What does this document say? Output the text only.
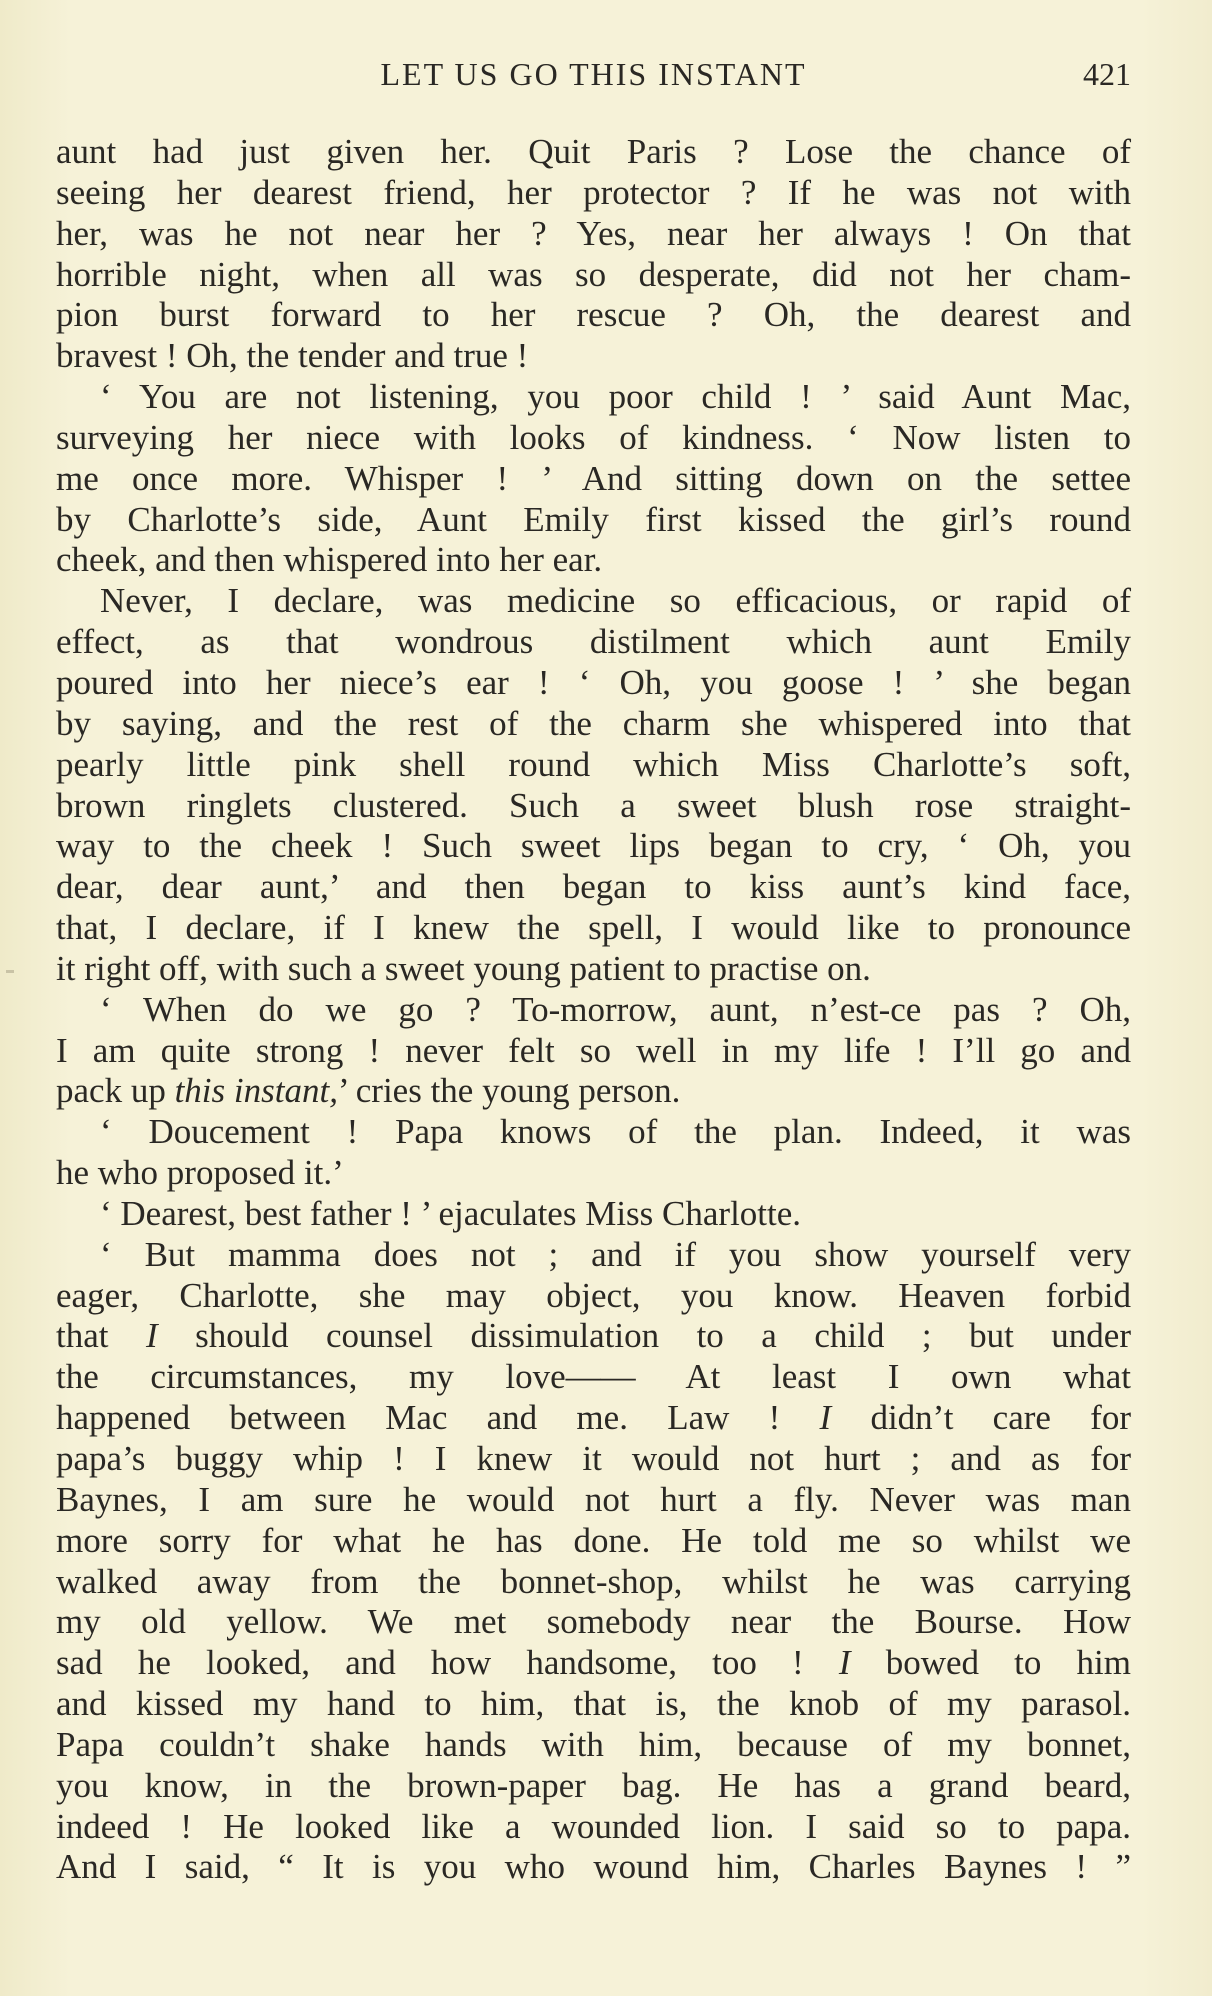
LET US GO THIS INSTANT	421
aunt had just given her. Quit Paris ? Lose the chance of
seeing her dearest friend, her protector ? If he was not with
her, was he not near her ? Yes, near her always ! On that
horrible night, when all was so desperate, did not her cham-
pion burst forward to her rescue ? Oh, the dearest and
bravest ! Oh, the tender and true !
‘ You are not listening, you poor child ! ’ said Aunt Mac,
surveying her niece with looks of kindness. ‘ Now listen to
me once more. Whisper ! ’ And sitting down on the settee
by Charlotte’s side, Aunt Emily first kissed the girl’s round
cheek, and then whispered into her ear.
Never, I declare, was medicine so efficacious, or rapid of
effect, as that wondrous distilment which aunt Emily
poured into her niece’s ear ! ‘ Oh, you goose ! ’ she began
by saying, and the rest of the charm she whispered into that
pearly little pink shell round which Miss Charlotte’s soft,
brown ringlets clustered. Such a sweet blush rose straight-
way to the cheek ! Such sweet lips began to cry, ‘ Oh, you
dear, dear aunt,’ and then began to kiss aunt’s kind face,
that, I declare, if I knew the spell, I would like to pronounce
it right off, with such a sweet young patient to practise on.
‘ When do we go ? To-morrow, aunt, n’est-ce pas ? Oh,
I am quite strong ! never felt so well in my life ! I’ll go and
pack up this instant,’ cries the young person.
‘ Doucement ! Papa knows of the plan. Indeed, it was
he who proposed it.’
‘ Dearest, best father ! ’ ejaculates Miss Charlotte.
‘ But mamma does not ; and if you show yourself very
eager, Charlotte, she may object, you know. Heaven forbid
that I should counsel dissimulation to a child ; but under
the circumstances, my love—— At least I own what
happened between Mac and me. Law ! I didn’t care for
papa’s buggy whip ! I knew it would not hurt ; and as for
Baynes, I am sure he would not hurt a fly. Never was man
more sorry for what he has done. He told me so whilst we
walked away from the bonnet-shop, whilst he was carrying
my old yellow. We met somebody near the Bourse. How
sad he looked, and how handsome, too ! I bowed to him
and kissed my hand to him, that is, the knob of my parasol.
Papa couldn’t shake hands with him, because of my bonnet,
you know, in the brown-paper bag. He has a grand beard,
indeed ! He looked like a wounded lion. I said so to papa.
And I said, “ It is you who wound him, Charles Baynes ! ”
